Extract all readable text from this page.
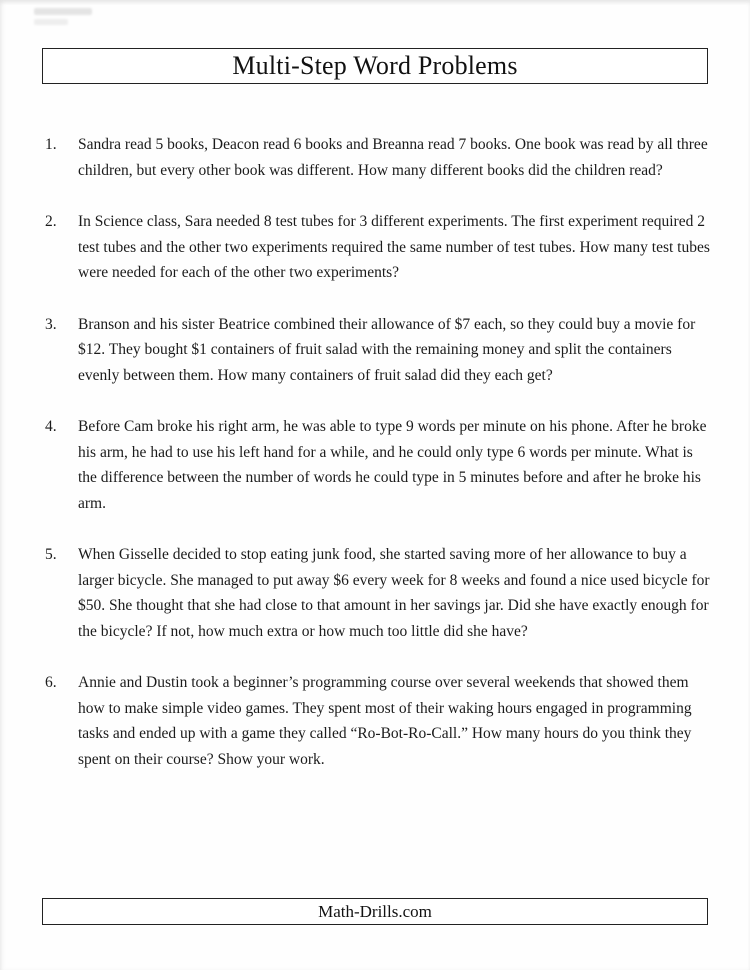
Multi-Step Word Problems
1.	Sandra read 5 books, Deacon read 6 books and Breanna read 7 books. One book was read by all three children, but every other book was different. How many different books did the children read?
2.	In Science class, Sara needed 8 test tubes for 3 different experiments. The first experiment required 2 test tubes and the other two experiments required the same number of test tubes. How many test tubes were needed for each of the other two experiments?
3.	Branson and his sister Beatrice combined their allowance of $7 each, so they could buy a movie for $12. They bought $1 containers of fruit salad with the remaining money and split the containers evenly between them. How many containers of fruit salad did they each get?
4.	Before Cam broke his right arm, he was able to type 9 words per minute on his phone. After he broke his arm, he had to use his left hand for a while, and he could only type 6 words per minute. What is the difference between the number of words he could type in 5 minutes before and after he broke his arm.
5.	When Gisselle decided to stop eating junk food, she started saving more of her allowance to buy a larger bicycle. She managed to put away $6 every week for 8 weeks and found a nice used bicycle for $50. She thought that she had close to that amount in her savings jar. Did she have exactly enough for the bicycle? If not, how much extra or how much too little did she have?
6.	Annie and Dustin took a beginner’s programming course over several weekends that showed them how to make simple video games. They spent most of their waking hours engaged in programming tasks and ended up with a game they called “Ro-Bot-Ro-Call.” How many hours do you think they spent on their course? Show your work.
Math-Drills.com
